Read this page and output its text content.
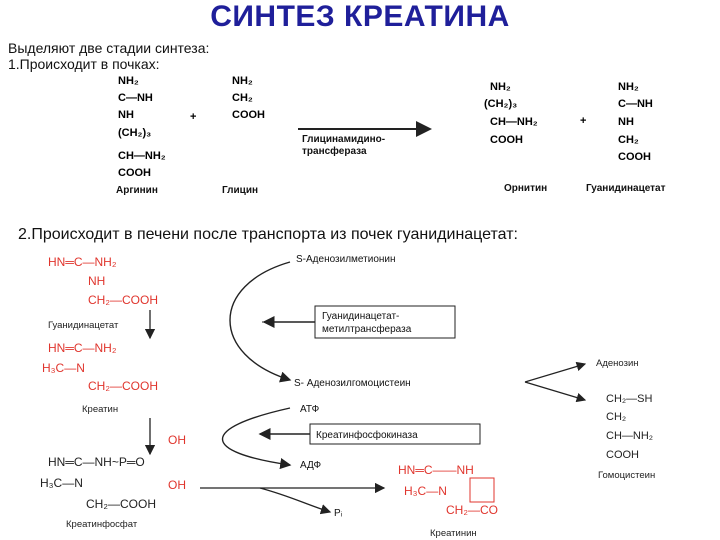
СИНТЕЗ КРЕАТИНА
Выделяют две стадии синтеза:
1.Происходит в почках:
2.Происходит в печени после транспорта из почек гуанидинацетат:
NH₂
C—NH
NH
(CH₂)₃
CH—NH₂
COOH
Аргинин
+
NH₂
CH₂
COOH
Глицин
Глицинамидино-
трансфераза
NH₂
(CH₂)₃
CH—NH₂
COOH
Орнитин
+
NH₂
C—NH
NH
CH₂
COOH
Гуанидинацетат
HN═C—NH₂
NH
CH₂—COOH
Гуанидинацетат
HN═C—NH₂
H₃C—N
CH₂—COOH
Креатин
S-Аденозилметионин
Гуанидинацетат-
метилтрансфераза
S- Аденозилгомоцистеин
Аденозин
CH₂—SH
CH₂
CH—NH₂
COOH
Гомоцистеин
АТФ
Креатинфосфокиназа
АДФ
OH
HN═C—NH~P═O
OH
H₃C—N
CH₂—COOH
Креатинфосфат
Pᵢ
HN═C——NH
H₃C—N
CH₂—CO
Креатинин
